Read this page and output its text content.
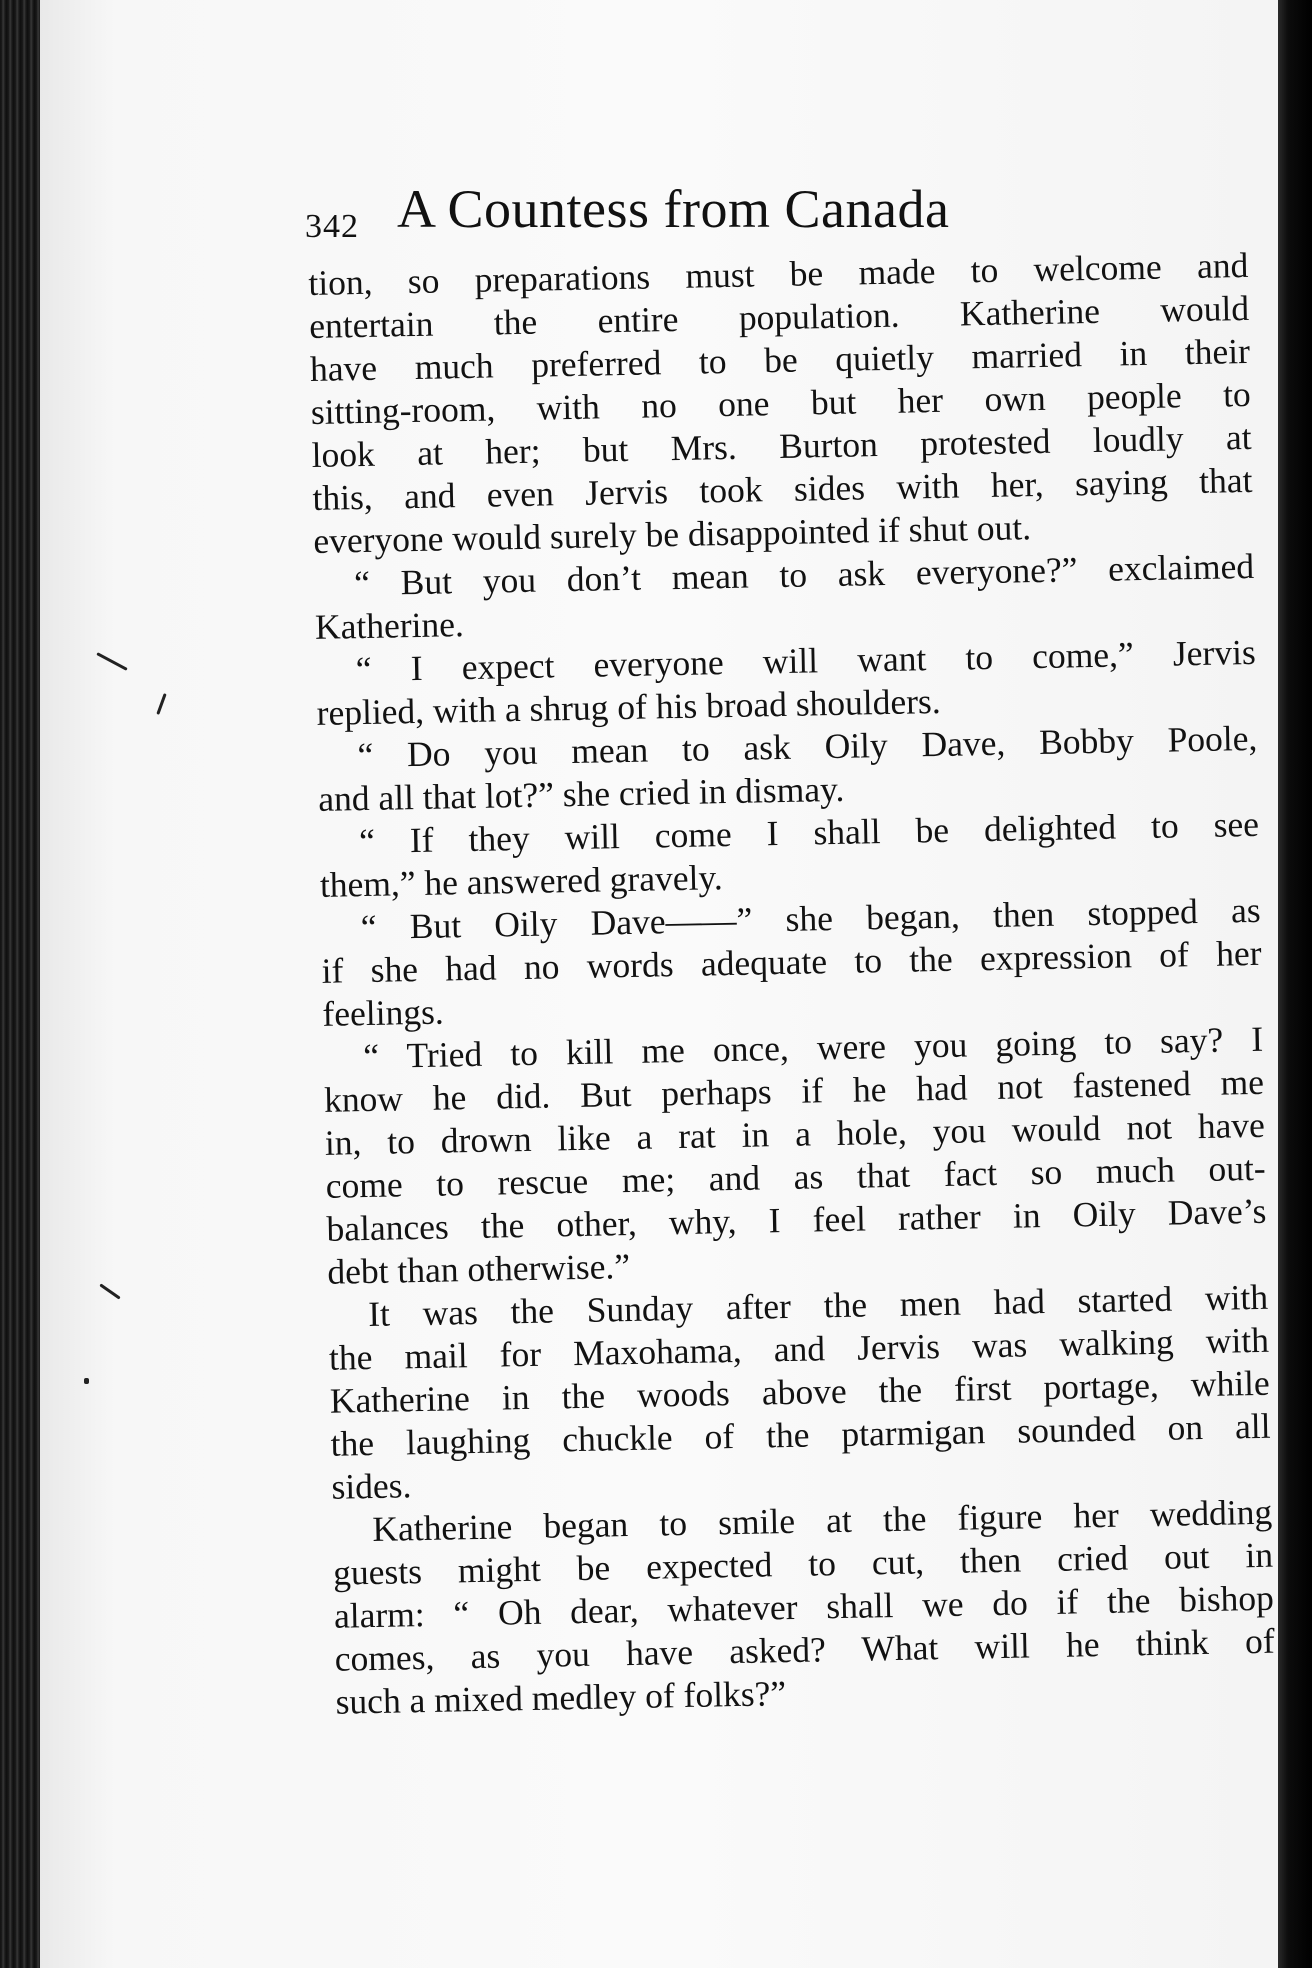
342 A Countess from Canada
tion, so preparations must be made to welcome and
entertain the entire population. Katherine would
have much preferred to be quietly married in their
sitting-room, with no one but her own people to
look at her; but Mrs. Burton protested loudly at
this, and even Jervis took sides with her, saying that
everyone would surely be disappointed if shut out.
“ But you don’t mean to ask everyone?” exclaimed
Katherine.
“ I expect everyone will want to come,” Jervis
replied, with a shrug of his broad shoulders.
“ Do you mean to ask Oily Dave, Bobby Poole,
and all that lot?” she cried in dismay.
“ If they will come I shall be delighted to see
them,” he answered gravely.
“ But Oily Dave——” she began, then stopped as
if she had no words adequate to the expression of her
feelings.
“ Tried to kill me once, were you going to say? I
know he did. But perhaps if he had not fastened me
in, to drown like a rat in a hole, you would not have
come to rescue me; and as that fact so much out-
balances the other, why, I feel rather in Oily Dave’s
debt than otherwise.”
It was the Sunday after the men had started with
the mail for Maxohama, and Jervis was walking with
Katherine in the woods above the first portage, while
the laughing chuckle of the ptarmigan sounded on all
sides.
Katherine began to smile at the figure her wedding
guests might be expected to cut, then cried out in
alarm: “ Oh dear, whatever shall we do if the bishop
comes, as you have asked? What will he think of
such a mixed medley of folks?”
